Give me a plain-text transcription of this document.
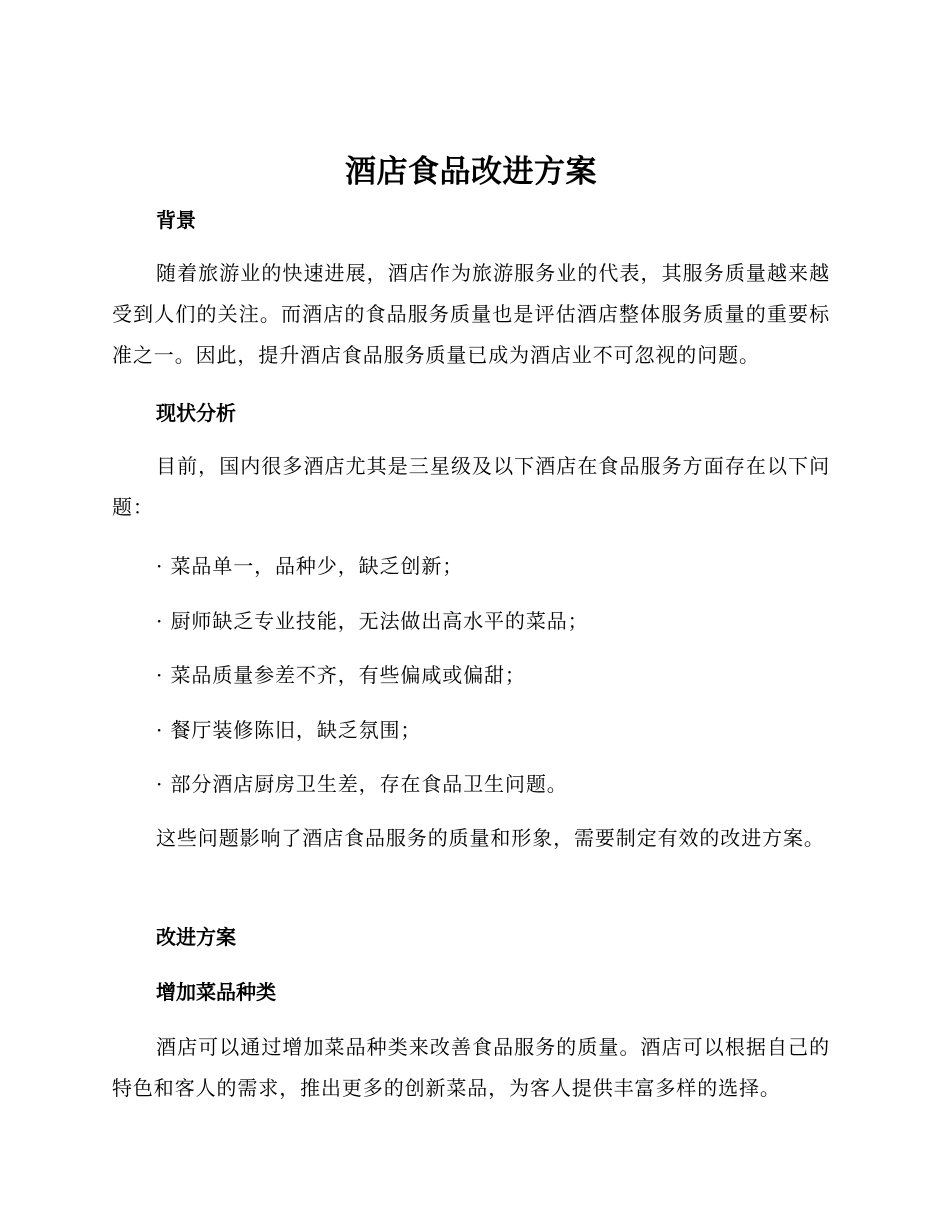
酒店食品改进方案
背景

随着旅游业的快速进展，酒店作为旅游服务业的代表，其服务质量越来越受到人们的关注。而酒店的食品服务质量也是评估酒店整体服务质量的重要标准之一。因此，提升酒店食品服务质量已成为酒店业不可忽视的问题。

现状分析

目前，国内很多酒店尤其是三星级及以下酒店在食品服务方面存在以下问题：

· 菜品单一，品种少，缺乏创新；
· 厨师缺乏专业技能，无法做出高水平的菜品；
· 菜品质量参差不齐，有些偏咸或偏甜；
· 餐厅装修陈旧，缺乏氛围；
· 部分酒店厨房卫生差，存在食品卫生问题。

这些问题影响了酒店食品服务的质量和形象，需要制定有效的改进方案。

改进方案
增加菜品种类

酒店可以通过增加菜品种类来改善食品服务的质量。酒店可以根据自己的特色和客人的需求，推出更多的创新菜品，为客人提供丰富多样的选择。
